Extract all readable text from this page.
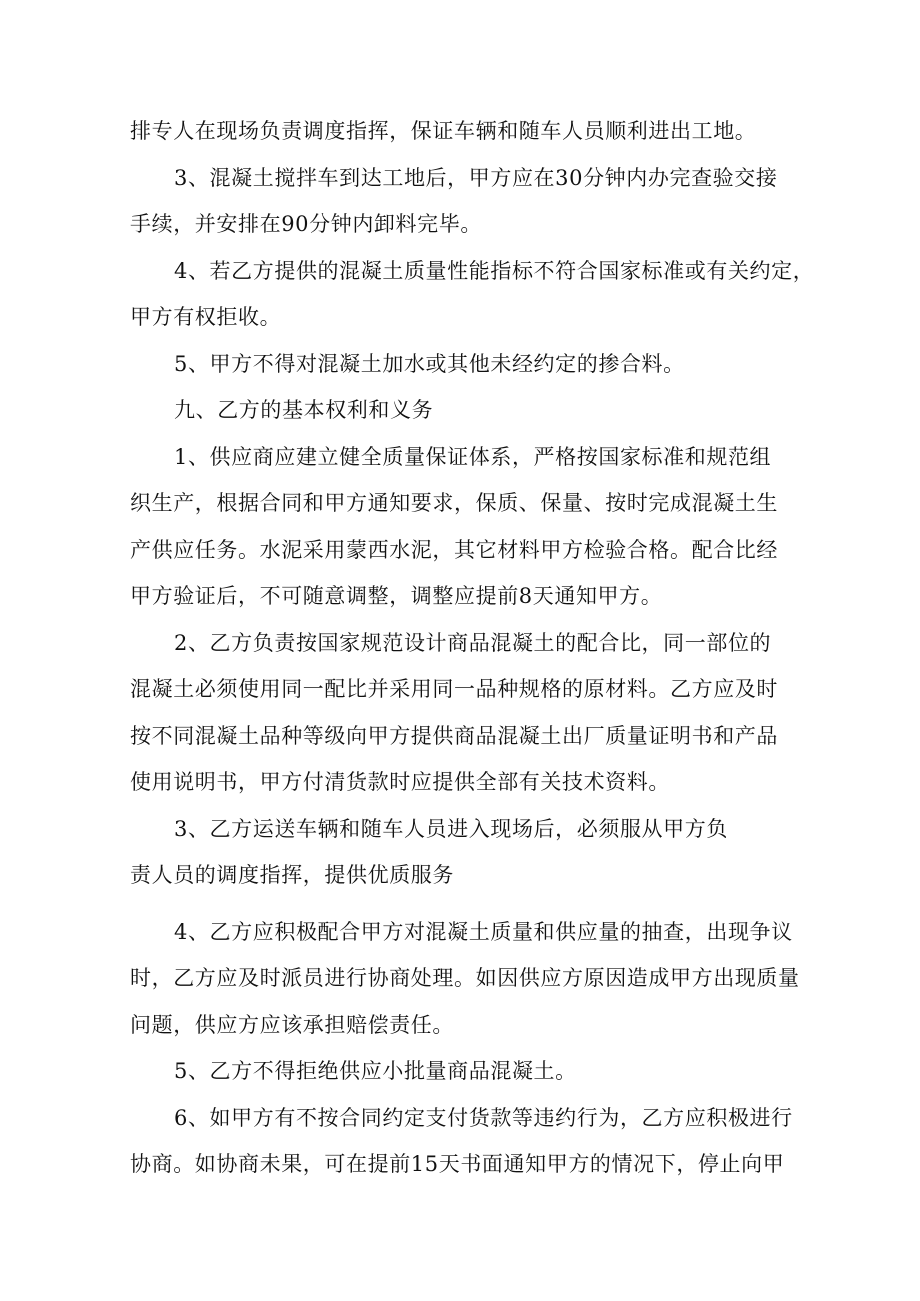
排专人在现场负责调度指挥，保证车辆和随车人员顺利进出工地。
3、混凝土搅拌车到达工地后，甲方应在30分钟内办完查验交接
手续，并安排在90分钟内卸料完毕。
4、若乙方提供的混凝土质量性能指标不符合国家标准或有关约定，
甲方有权拒收。
5、甲方不得对混凝土加水或其他未经约定的掺合料。
九、乙方的基本权利和义务
1、供应商应建立健全质量保证体系，严格按国家标准和规范组
织生产，根据合同和甲方通知要求，保质、保量、按时完成混凝土生
产供应任务。水泥采用蒙西水泥，其它材料甲方检验合格。配合比经
甲方验证后，不可随意调整，调整应提前8天通知甲方。
2、乙方负责按国家规范设计商品混凝土的配合比，同一部位的
混凝土必须使用同一配比并采用同一品种规格的原材料。乙方应及时
按不同混凝土品种等级向甲方提供商品混凝土出厂质量证明书和产品
使用说明书，甲方付清货款时应提供全部有关技术资料。
3、乙方运送车辆和随车人员进入现场后，必须服从甲方负
责人员的调度指挥，提供优质服务
4、乙方应积极配合甲方对混凝土质量和供应量的抽查，出现争议
时，乙方应及时派员进行协商处理。如因供应方原因造成甲方出现质量
问题，供应方应该承担赔偿责任。
5、乙方不得拒绝供应小批量商品混凝土。
6、如甲方有不按合同约定支付货款等违约行为，乙方应积极进行
协商。如协商未果，可在提前15天书面通知甲方的情况下，停止向甲
